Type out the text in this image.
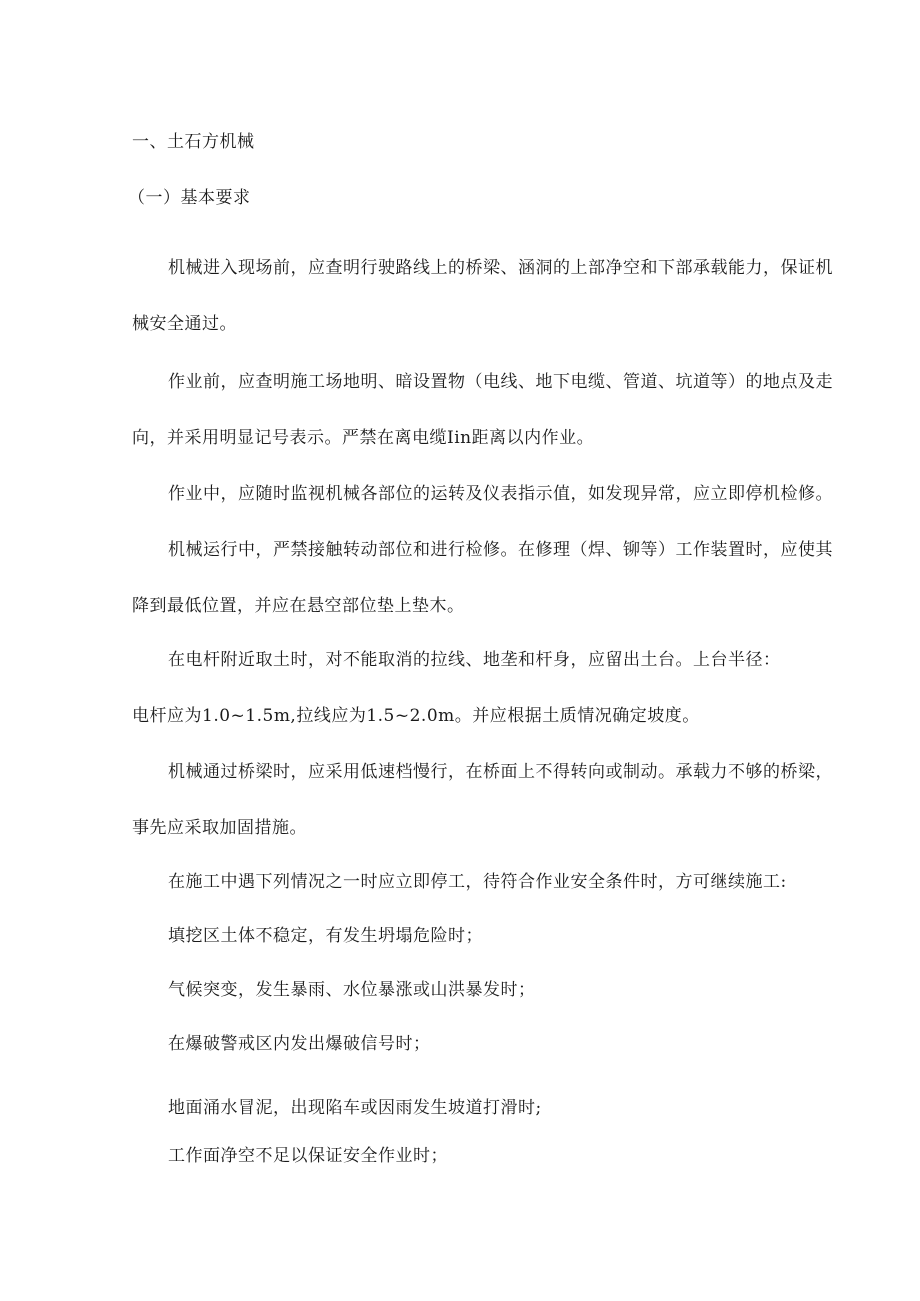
一、土石方机械
（一）基本要求
机械进入现场前，应查明行驶路线上的桥梁、涵洞的上部净空和下部承载能力，保证机
械安全通过。
作业前，应查明施工场地明、暗设置物（电线、地下电缆、管道、坑道等）的地点及走
向，并采用明显记号表示。严禁在离电缆Iin距离以内作业。
作业中，应随时监视机械各部位的运转及仪表指示值，如发现异常，应立即停机检修。
机械运行中，严禁接触转动部位和进行检修。在修理（焊、铆等）工作装置时，应使其
降到最低位置，并应在悬空部位垫上垫木。
在电杆附近取土时，对不能取消的拉线、地垄和杆身，应留出土台。上台半径：
电杆应为1.0~1.5m,拉线应为1.5~2.0m。并应根据土质情况确定坡度。
机械通过桥梁时，应采用低速档慢行，在桥面上不得转向或制动。承载力不够的桥梁，
事先应采取加固措施。
在施工中遇下列情况之一时应立即停工，待符合作业安全条件时，方可继续施工:
填挖区土体不稳定，有发生坍塌危险时；
气候突变，发生暴雨、水位暴涨或山洪暴发时；
在爆破警戒区内发出爆破信号时；
地面涌水冒泥，出现陷车或因雨发生坡道打滑时;
工作面净空不足以保证安全作业时；
